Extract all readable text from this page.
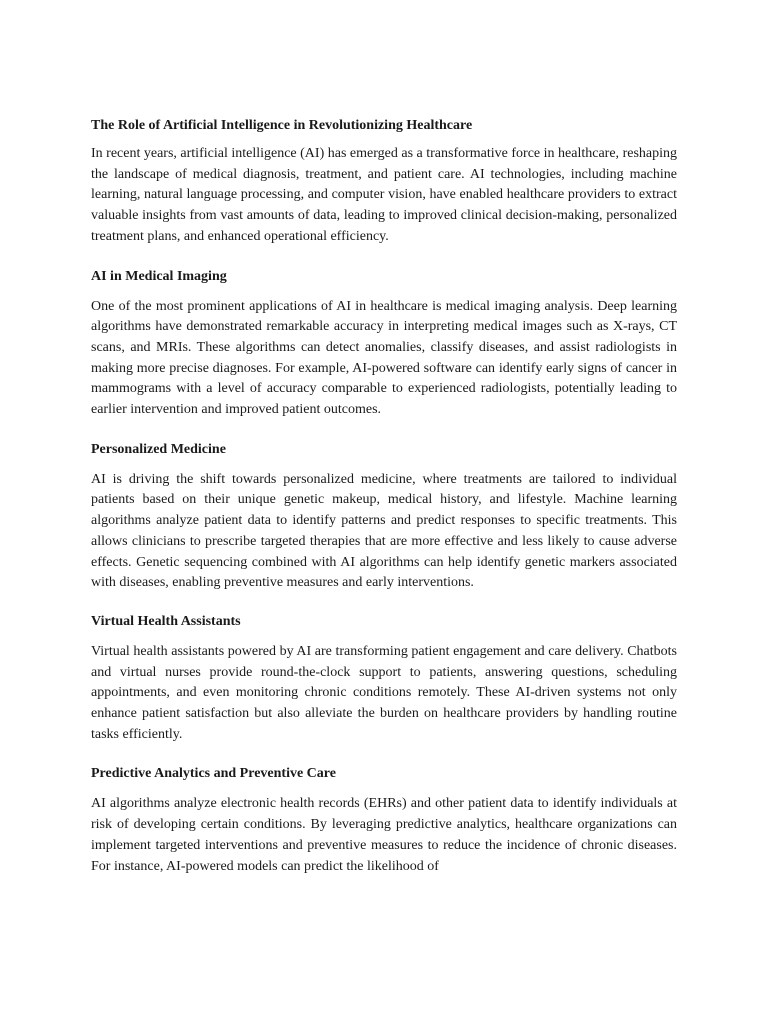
The Role of Artificial Intelligence in Revolutionizing Healthcare

In recent years, artificial intelligence (AI) has emerged as a transformative force in healthcare, reshaping the landscape of medical diagnosis, treatment, and patient care. AI technologies, including machine learning, natural language processing, and computer vision, have enabled healthcare providers to extract valuable insights from vast amounts of data, leading to improved clinical decision-making, personalized treatment plans, and enhanced operational efficiency.

AI in Medical Imaging

One of the most prominent applications of AI in healthcare is medical imaging analysis. Deep learning algorithms have demonstrated remarkable accuracy in interpreting medical images such as X-rays, CT scans, and MRIs. These algorithms can detect anomalies, classify diseases, and assist radiologists in making more precise diagnoses. For example, AI-powered software can identify early signs of cancer in mammograms with a level of accuracy comparable to experienced radiologists, potentially leading to earlier intervention and improved patient outcomes.

Personalized Medicine

AI is driving the shift towards personalized medicine, where treatments are tailored to individual patients based on their unique genetic makeup, medical history, and lifestyle. Machine learning algorithms analyze patient data to identify patterns and predict responses to specific treatments. This allows clinicians to prescribe targeted therapies that are more effective and less likely to cause adverse effects. Genetic sequencing combined with AI algorithms can help identify genetic markers associated with diseases, enabling preventive measures and early interventions.

Virtual Health Assistants

Virtual health assistants powered by AI are transforming patient engagement and care delivery. Chatbots and virtual nurses provide round-the-clock support to patients, answering questions, scheduling appointments, and even monitoring chronic conditions remotely. These AI-driven systems not only enhance patient satisfaction but also alleviate the burden on healthcare providers by handling routine tasks efficiently.

Predictive Analytics and Preventive Care

AI algorithms analyze electronic health records (EHRs) and other patient data to identify individuals at risk of developing certain conditions. By leveraging predictive analytics, healthcare organizations can implement targeted interventions and preventive measures to reduce the incidence of chronic diseases. For instance, AI-powered models can predict the likelihood of
